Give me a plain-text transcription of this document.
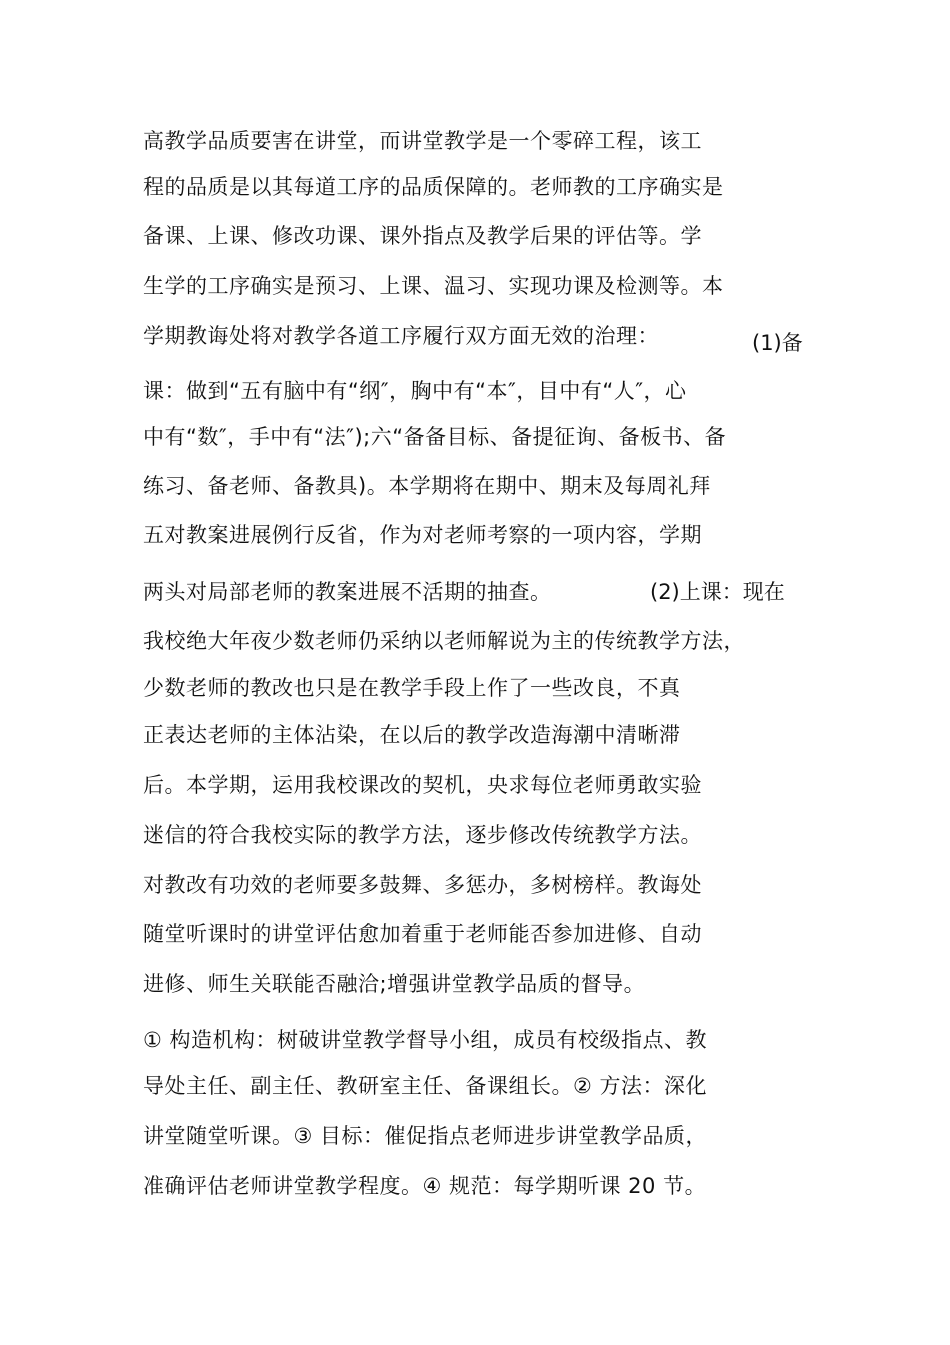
高教学品质要害在讲堂，而讲堂教学是一个零碎工程，该工
程的品质是以其每道工序的品质保障的。老师教的工序确实是
备课、上课、修改功课、课外指点及教学后果的评估等。学
生学的工序确实是预习、上课、温习、实现功课及检测等。本
学期教诲处将对教学各道工序履行双方面无效的治理：	(1)备
课：做到“五有脑中有“纲″，胸中有“本″，目中有“人″，心
中有“数″，手中有“法″);六“备备目标、备提征询、备板书、备
练习、备老师、备教具)。本学期将在期中、期末及每周礼拜
五对教案进展例行反省，作为对老师考察的一项内容，学期
两头对局部老师的教案进展不活期的抽查。	(2)上课：现在
我校绝大年夜少数老师仍采纳以老师解说为主的传统教学方法，
少数老师的教改也只是在教学手段上作了一些改良，不真
正表达老师的主体沾染，在以后的教学改造海潮中清晰滞
后。本学期，运用我校课改的契机，央求每位老师勇敢实验
迷信的符合我校实际的教学方法，逐步修改传统教学方法。
对教改有功效的老师要多鼓舞、多惩办，多树榜样。教诲处
随堂听课时的讲堂评估愈加着重于老师能否参加进修、自动
进修、师生关联能否融洽;增强讲堂教学品质的督导。
① 构造机构：树破讲堂教学督导小组，成员有校级指点、教
导处主任、副主任、教研室主任、备课组长。② 方法：深化
讲堂随堂听课。③ 目标：催促指点老师进步讲堂教学品质，
准确评估老师讲堂教学程度。④ 规范：每学期听课 20 节。
